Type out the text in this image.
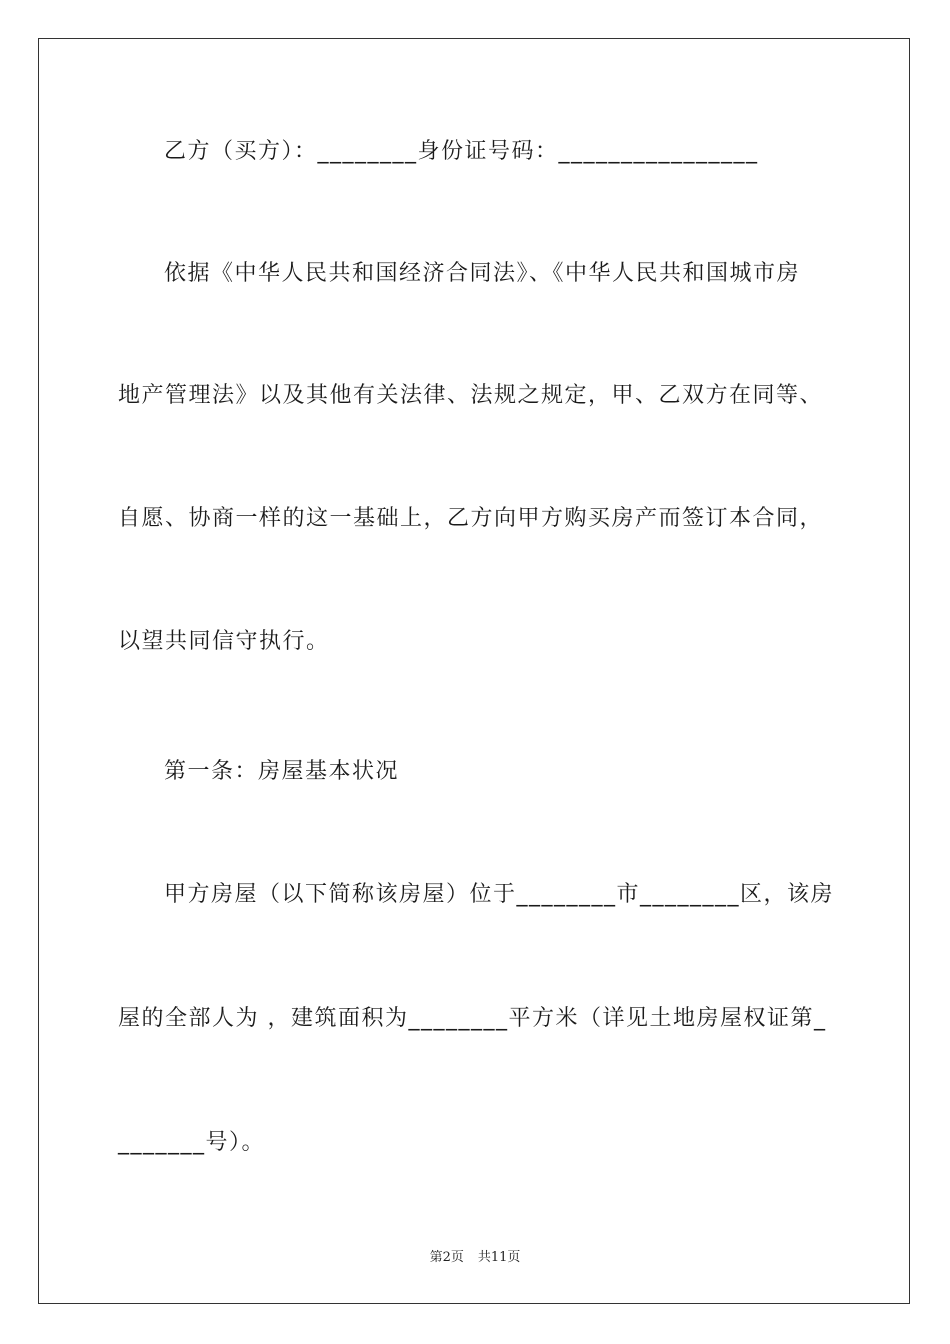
乙方（买方）：________身份证号码：________________
依据《中华人民共和国经济合同法》、《中华人民共和国城市房
地产管理法》以及其他有关法律、法规之规定，甲、乙双方在同等、
自愿、协商一样的这一基础上，乙方向甲方购买房产而签订本合同，
以望共同信守执行。
第一条：房屋基本状况
甲方房屋（以下简称该房屋）位于________市________区，该房
屋的全部人为 ，建筑面积为________平方米（详见土地房屋权证第_
_______号）。
第2页 共11页
